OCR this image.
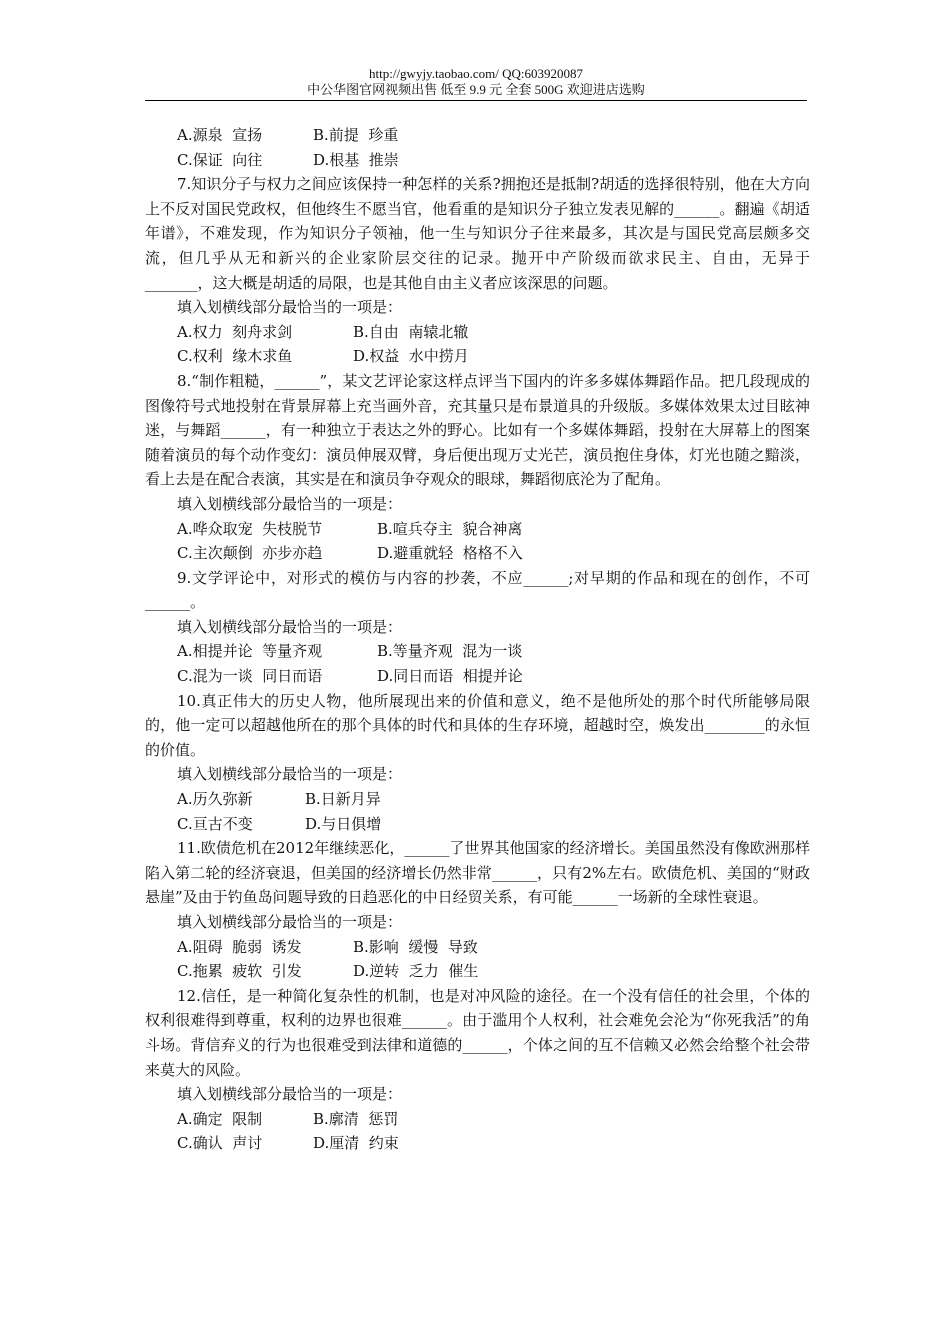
http://gwyjy.taobao.com/ QQ:603920087
中公华图官网视频出售 低至 9.9 元 全套 500G 欢迎进店选购

A.源泉  宣扬	B.前提  珍重

C.保证  向往	D.根基  推崇

7.知识分子与权力之间应该保持一种怎样的关系?拥抱还是抵制?胡适的选择很特别，他在大方向上不反对国民党政权，但他终生不愿当官，他看重的是知识分子独立发表见解的______。翻遍《胡适年谱》，不难发现，作为知识分子领袖，他一生与知识分子往来最多，其次是与国民党高层颇多交流，但几乎从无和新兴的企业家阶层交往的记录。抛开中产阶级而欲求民主、自由，无异于_______，这大概是胡适的局限，也是其他自由主义者应该深思的问题。

填入划横线部分最恰当的一项是：

A.权力  刻舟求剑	B.自由  南辕北辙

C.权利  缘木求鱼	D.权益  水中捞月

8.“制作粗糙，______”，某文艺评论家这样点评当下国内的许多多媒体舞蹈作品。把几段现成的图像符号式地投射在背景屏幕上充当画外音，充其量只是布景道具的升级版。多媒体效果太过目眩神迷，与舞蹈______，有一种独立于表达之外的野心。比如有一个多媒体舞蹈，投射在大屏幕上的图案随着演员的每个动作变幻：演员伸展双臂，身后便出现万丈光芒，演员抱住身体，灯光也随之黯淡，看上去是在配合表演，其实是在和演员争夺观众的眼球，舞蹈彻底沦为了配角。

填入划横线部分最恰当的一项是：

A.哗众取宠  失枝脱节	B.喧兵夺主  貌合神离

C.主次颠倒  亦步亦趋	D.避重就轻  格格不入

9.文学评论中，对形式的模仿与内容的抄袭，不应______;对早期的作品和现在的创作，不可______。

填入划横线部分最恰当的一项是：

A.相提并论  等量齐观	B.等量齐观  混为一谈

C.混为一谈  同日而语	D.同日而语  相提并论

10.真正伟大的历史人物，他所展现出来的价值和意义，绝不是他所处的那个时代所能够局限的，他一定可以超越他所在的那个具体的时代和具体的生存环境，超越时空，焕发出________的永恒的价值。

填入划横线部分最恰当的一项是：

A.历久弥新	B.日新月异

C.亘古不变	D.与日俱增

11.欧债危机在2012年继续恶化，______了世界其他国家的经济增长。美国虽然没有像欧洲那样陷入第二轮的经济衰退，但美国的经济增长仍然非常______，只有2%左右。欧债危机、美国的“财政悬崖”及由于钓鱼岛问题导致的日趋恶化的中日经贸关系，有可能______一场新的全球性衰退。

填入划横线部分最恰当的一项是：

A.阻碍  脆弱  诱发	B.影响  缓慢  导致

C.拖累  疲软  引发	D.逆转  乏力  催生

12.信任，是一种简化复杂性的机制，也是对冲风险的途径。在一个没有信任的社会里，个体的权利很难得到尊重，权利的边界也很难______。由于滥用个人权利，社会难免会沦为“你死我活”的角斗场。背信弃义的行为也很难受到法律和道德的______，个体之间的互不信赖又必然会给整个社会带来莫大的风险。

填入划横线部分最恰当的一项是：

A.确定  限制	B.廓清  惩罚

C.确认  声讨	D.厘清  约束
